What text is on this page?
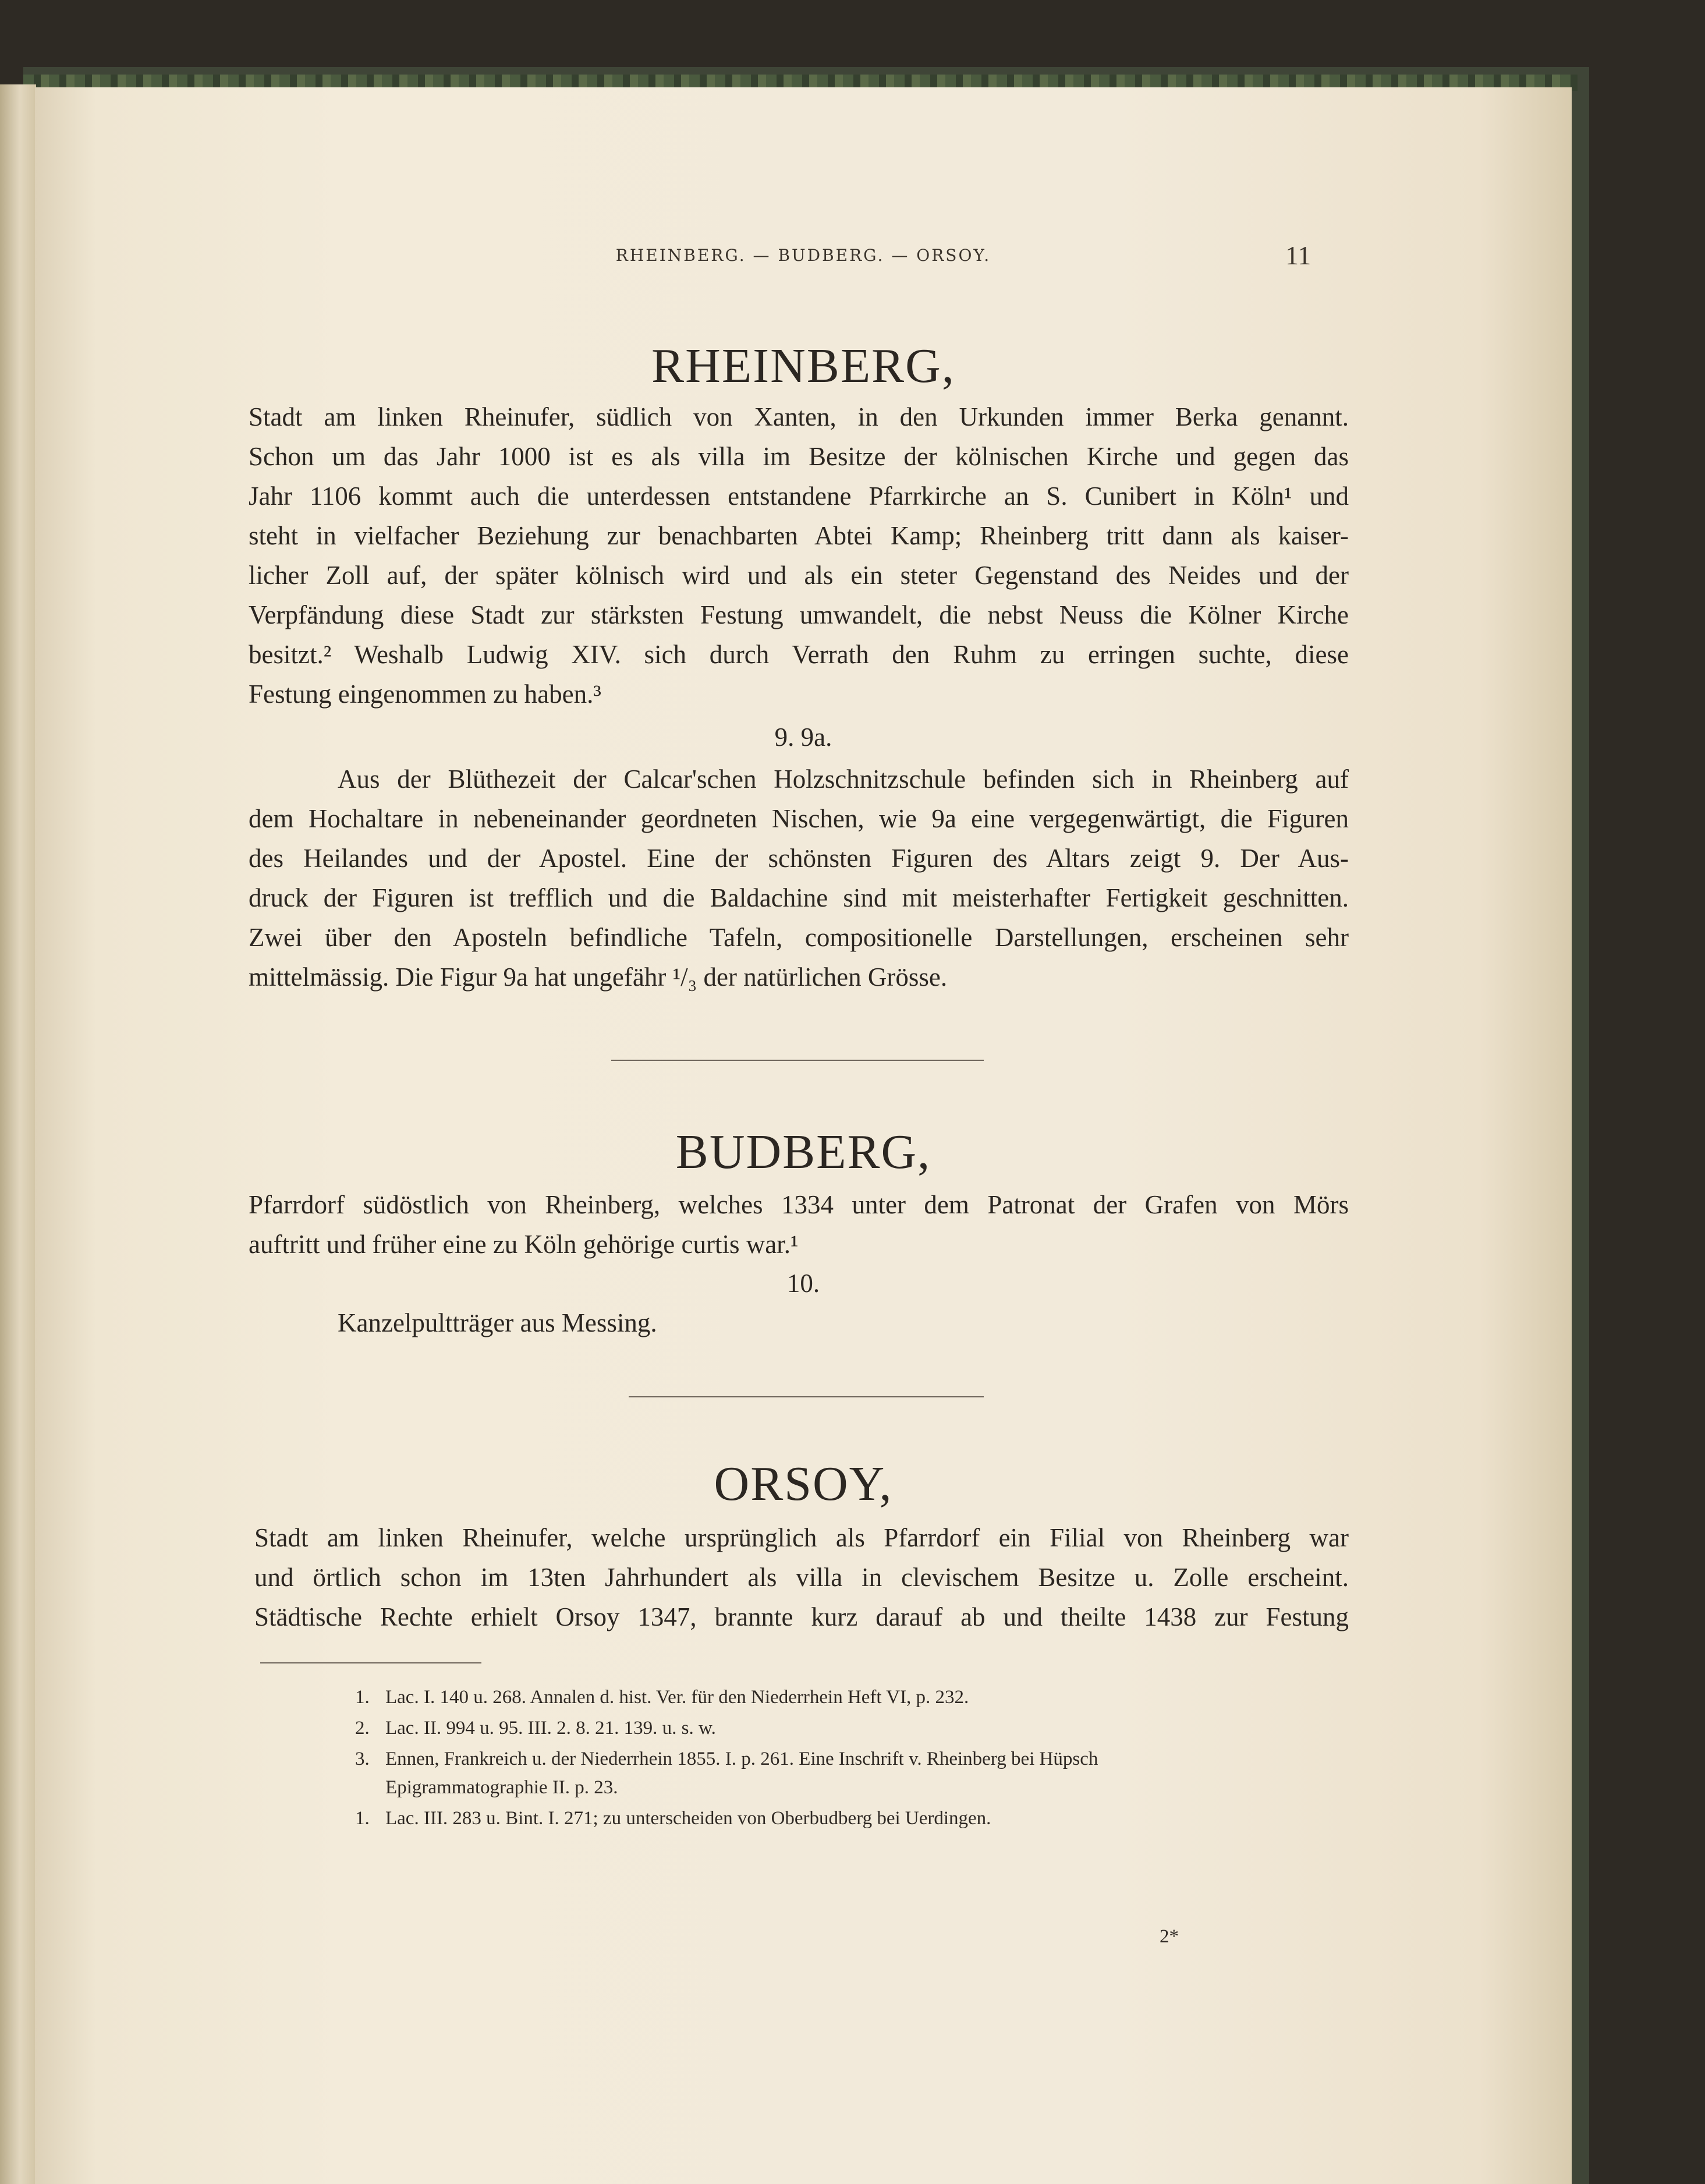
RHEINBERG. — BUDBERG. — ORSOY.	11
RHEINBERG,
Stadt am linken Rheinufer, südlich von Xanten, in den Urkunden immer Berka genannt.
Schon um das Jahr 1000 ist es als villa im Besitze der kölnischen Kirche und gegen das
Jahr 1106 kommt auch die unterdessen entstandene Pfarrkirche an S. Cunibert in Köln¹ und
steht in vielfacher Beziehung zur benachbarten Abtei Kamp; Rheinberg tritt dann als kaiser-
licher Zoll auf, der später kölnisch wird und als ein steter Gegenstand des Neides und der
Verpfändung diese Stadt zur stärksten Festung umwandelt, die nebst Neuss die Kölner Kirche
besitzt.² Weshalb Ludwig XIV. sich durch Verrath den Ruhm zu erringen suchte, diese
Festung eingenommen zu haben.³
9. 9a.
Aus der Blüthezeit der Calcar'schen Holzschnitzschule befinden sich in Rheinberg auf
dem Hochaltare in nebeneinander geordneten Nischen, wie 9a eine vergegenwärtigt, die Figuren
des Heilandes und der Apostel. Eine der schönsten Figuren des Altars zeigt 9. Der Aus-
druck der Figuren ist trefflich und die Baldachine sind mit meisterhafter Fertigkeit geschnitten.
Zwei über den Aposteln befindliche Tafeln, compositionelle Darstellungen, erscheinen sehr
mittelmässig. Die Figur 9a hat ungefähr ¹/₃ der natürlichen Grösse.
BUDBERG,
Pfarrdorf südöstlich von Rheinberg, welches 1334 unter dem Patronat der Grafen von Mörs
auftritt und früher eine zu Köln gehörige curtis war.¹
10.
Kanzelpultträger aus Messing.
ORSOY,
Stadt am linken Rheinufer, welche ursprünglich als Pfarrdorf ein Filial von Rheinberg war
und örtlich schon im 13ten Jahrhundert als villa in clevischem Besitze u. Zolle erscheint.
Städtische Rechte erhielt Orsoy 1347, brannte kurz darauf ab und theilte 1438 zur Festung
1. Lac. I. 140 u. 268. Annalen d. hist. Ver. für den Niederrhein Heft VI, p. 232.
2. Lac. II. 994 u. 95. III. 2. 8. 21. 139. u. s. w.
3. Ennen, Frankreich u. der Niederrhein 1855. I. p. 261. Eine Inschrift v. Rheinberg bei Hüpsch
Epigrammatographie II. p. 23.
1. Lac. III. 283 u. Bint. I. 271; zu unterscheiden von Oberbudberg bei Uerdingen.
2*
